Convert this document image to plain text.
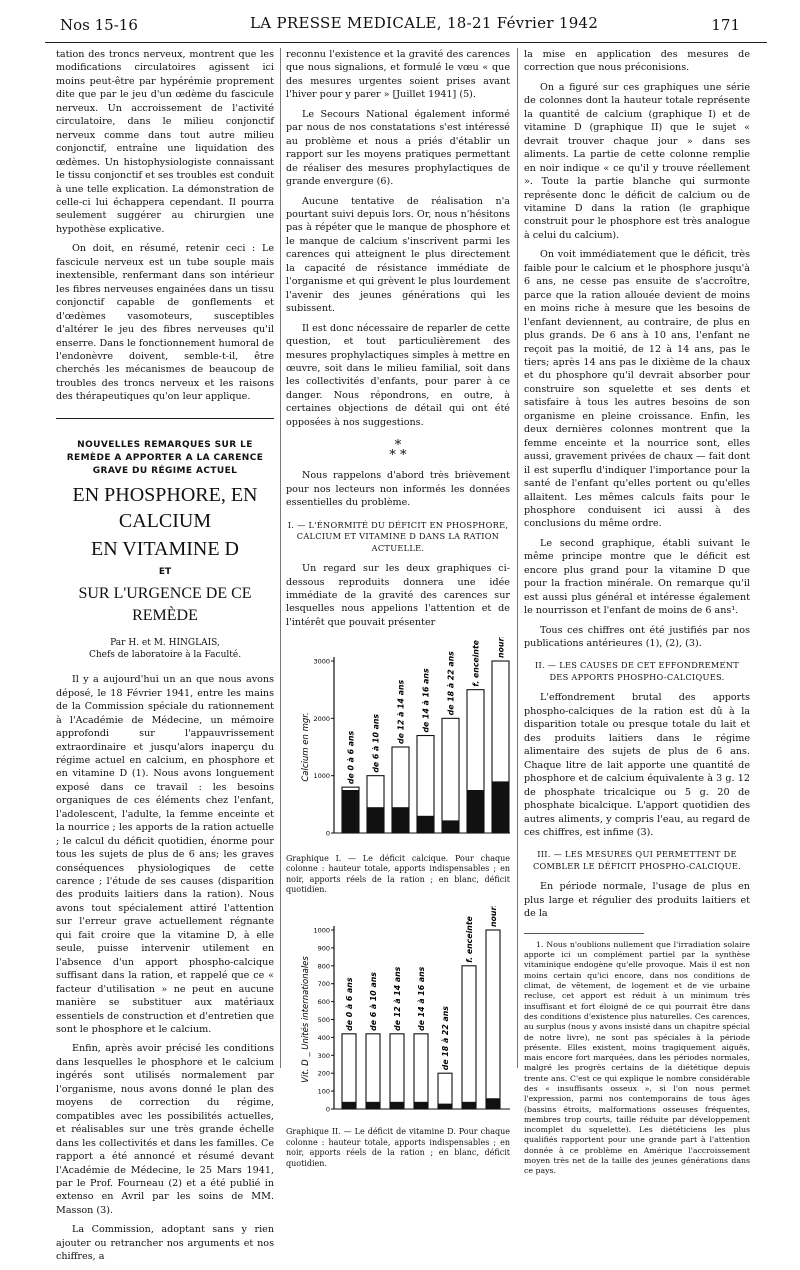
Nos 15-16	LA PRESSE MEDICALE, 18-21 Février 1942	171

tation des troncs nerveux, montrent que les modifications circulatoires agissent ici moins peut-être par hypérémie proprement dite que par le jeu d'un œdème du fascicule nerveux. Un accroissement de l'activité circulatoire, dans le milieu conjonctif nerveux comme dans tout autre milieu conjonctif, entraîne une liquidation des œdèmes. Un histophysiologiste connaissant le tissu conjonctif et ses troubles est conduit à une telle explication. La démonstration de celle-ci lui échappera cependant. Il pourra seulement suggérer au chirurgien une hypothèse explicative.

On doit, en résumé, retenir ceci : Le fascicule nerveux est un tube souple mais inextensible, renfermant dans son intérieur les fibres nerveuses engainées dans un tissu conjonctif capable de gonflements et d'œdèmes vasomoteurs, susceptibles d'altérer le jeu des fibres nerveuses qu'il enserre. Dans le fonctionnement humoral de l'endonèvre doivent, semble-t-il, être cherchés les mécanismes de beaucoup de troubles des troncs nerveux et les raisons des thérapeutiques qu'on leur applique.

NOUVELLES REMARQUES SUR LE REMÈDE A APPORTER A LA CARENCE GRAVE DU RÉGIME ACTUEL
EN PHOSPHORE, EN CALCIUM
EN VITAMINE D
ET
SUR L'URGENCE DE CE REMÈDE
Par H. et M. HINGLAIS,
Chefs de laboratoire à la Faculté.

Il y a aujourd'hui un an que nous avons déposé, le 18 Février 1941, entre les mains de la Commission spéciale du rationnement à l'Académie de Médecine, un mémoire approfondi sur l'appauvrissement extraordinaire et jusqu'alors inaperçu du régime actuel en calcium, en phosphore et en vitamine D (1). Nous avons longuement exposé dans ce travail : les besoins organiques de ces éléments chez l'enfant, l'adolescent, l'adulte, la femme enceinte et la nourrice ; les apports de la ration actuelle ; le calcul du déficit quotidien, énorme pour tous les sujets de plus de 6 ans; les graves conséquences physiologiques de cette carence ; l'étude de ses causes (disparition des produits laitiers dans la ration). Nous avons tout spécialement attiré l'attention sur l'erreur grave actuellement régnante qui fait croire que la vitamine D, à elle seule, puisse intervenir utilement en l'absence d'un apport phospho-calcique suffisant dans la ration, et rappelé que ce « facteur d'utilisation » ne peut en aucune manière se substituer aux matériaux essentiels de construction et d'entretien que sont le phosphore et le calcium.

Enfin, après avoir précisé les conditions dans lesquelles le phosphore et le calcium ingérés sont utilisés normalement par l'organisme, nous avons donné le plan des moyens de correction du régime, compatibles avec les possibilités actuelles, et réalisables sur une très grande échelle dans les collectivités et dans les familles. Ce rapport a été annoncé et résumé devant l'Académie de Médecine, le 25 Mars 1941, par le Prof. Fourneau (2) et a été publié in extenso en Avril par les soins de MM. Masson (3).

La Commission, adoptant sans y rien ajouter ou retrancher nos arguments et nos chiffres, a

reconnu l'existence et la gravité des carences que nous signalions, et formulé le vœu « que des mesures urgentes soient prises avant l'hiver pour y parer » [Juillet 1941] (5).

Le Secours National également informé par nous de nos constatations s'est intéressé au problème et nous a priés d'établir un rapport sur les moyens pratiques permettant de réaliser des mesures prophylactiques de grande envergure (6).

Aucune tentative de réalisation n'a pourtant suivi depuis lors. Or, nous n'hésitons pas à répéter que le manque de phosphore et le manque de calcium s'inscrivent parmi les carences qui atteignent le plus directement la capacité de résistance immédiate de l'organisme et qui grèvent le plus lourdement l'avenir des jeunes générations qui les subissent.

Il est donc nécessaire de reparler de cette question, et tout particulièrement des mesures prophylactiques simples à mettre en œuvre, soit dans le milieu familial, soit dans les collectivités d'enfants, pour parer à ce danger. Nous répondrons, en outre, à certaines objections de détail qui ont été opposées à nos suggestions.

*
* *

Nous rappelons d'abord très brièvement pour nos lecteurs non informés les données essentielles du problème.

I. — L'ÉNORMITÉ DU DÉFICIT EN PHOSPHORE, CALCIUM ET VITAMINE D DANS LA RATION ACTUELLE.

Un regard sur les deux graphiques ci-dessous reproduits donnera une idée immédiate de la gravité des carences sur lesquelles nous appelions l'attention et de l'intérêt que pouvait présenter

Calcium en mgr.
0
1000
2000
3000
de 0 à 6 ans de 6 à 10 ans de 12 à 14 ans de 14 à 16 ans de 18 à 22 ans f. enceinte
nourrice
Graphique I. — Le déficit calcique. Pour chaque colonne : hauteur totale, apports indispensables ; en noir, apports réels de la ration ; en blanc, déficit quotidien.
Vit. D _ Unités internationales
0
100
200
300
400
500
600
700
800
900
1000
de 0 à 6 ans de 6 à 10 ans de 12 à 14 ans de 14 à 16 ans
de 18 à 22 ans
f. enceinte
nourrice
Graphique II. — Le déficit de vitamine D. Pour chaque colonne : hauteur totale, apports indispensables ; en noir, apports réels de la ration ; en blanc, déficit quotidien.

la mise en application des mesures de correction que nous préconisions.

On a figuré sur ces graphiques une série de colonnes dont la hauteur totale représente la quantité de calcium (graphique I) et de vitamine D (graphique II) que le sujet « devrait trouver chaque jour » dans ses aliments. La partie de cette colonne remplie en noir indique « ce qu'il y trouve réellement ». Toute la partie blanche qui surmonte représente donc le déficit de calcium ou de vitamine D dans la ration (le graphique construit pour le phosphore est très analogue à celui du calcium).

On voit immédiatement que le déficit, très faible pour le calcium et le phosphore jusqu'à 6 ans, ne cesse pas ensuite de s'accroître, parce que la ration allouée devient de moins en moins riche à mesure que les besoins de l'enfant deviennent, au contraire, de plus en plus grands. De 6 ans à 10 ans, l'enfant ne reçoit pas la moitié, de 12 à 14 ans, pas le tiers; après 14 ans pas le dixième de la chaux et du phosphore qu'il devrait absorber pour construire son squelette et ses dents et satisfaire à tous les autres besoins de son organisme en pleine croissance. Enfin, les deux dernières colonnes montrent que la femme enceinte et la nourrice sont, elles aussi, gravement privées de chaux — fait dont il est superflu d'indiquer l'importance pour la santé de l'enfant qu'elles portent ou qu'elles allaitent. Les mêmes calculs faits pour le phosphore conduisent ici aussi à des conclusions du même ordre.

Le second graphique, établi suivant le même principe montre que le déficit est encore plus grand pour la vitamine D que pour la fraction minérale. On remarque qu'il est aussi plus général et intéresse également le nourrisson et l'enfant de moins de 6 ans¹.

Tous ces chiffres ont été justifiés par nos publications antérieures (1), (2), (3).

II. — LES CAUSES DE CET EFFONDREMENT DES APPORTS PHOSPHO-CALCIQUES.

L'effondrement brutal des apports phospho-calciques de la ration est dû à la disparition totale ou presque totale du lait et des produits laitiers dans le régime alimentaire des sujets de plus de 6 ans. Chaque litre de lait apporte une quantité de phosphore et de calcium équivalente à 3 g. 12 de phosphate tricalcique ou 5 g. 20 de phosphate bicalcique. L'apport quotidien des autres aliments, y compris l'eau, au regard de ces chiffres, est infime (3).

III. — LES MESURES QUI PERMETTENT DE COMBLER LE DÉFICIT PHOSPHO-CALCIQUE.

En période normale, l'usage de plus en plus large et régulier des produits laitiers et de la

1. Nous n'oublions nullement que l'irradiation solaire apporte ici un complément partiel par la synthèse vitaminique endogène qu'elle provoque. Mais il est non moins certain qu'ici encore, dans nos conditions de climat, de vêtement, de logement et de vie urbaine recluse, cet apport est réduit à un minimum très insuffisant et fort éloigné de ce qui pourrait être dans des conditions d'existence plus naturelles. Ces carences, au surplus (nous y avons insisté dans un chapitre spécial de notre livre), ne sont pas spéciales à la période présente. Elles existent, moins tragiquement aiguës, mais encore fort marquées, dans les périodes normales, malgré les progrès certains de la diététique depuis trente ans. C'est ce qui explique le nombre considérable des « insuffisants osseux », si l'on nous permet l'expression, parmi nos contemporains de tous âges (bassins étroits, malformations osseuses fréquentes, membres trop courts, taille réduite par développement incomplet du squelette). Les diététiciens les plus qualifiés rapportent pour une grande part à l'attention donnée à ce problème en Amérique l'accroissement moyen très net de la taille des jeunes générations dans ce pays.
